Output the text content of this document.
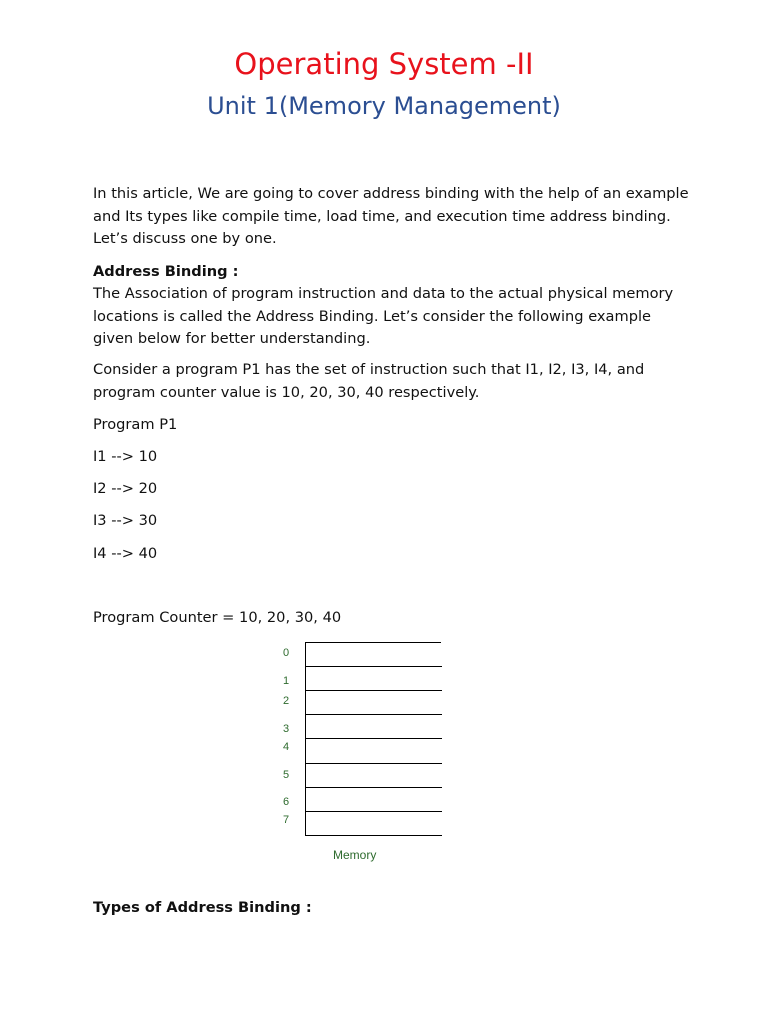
Operating System -II
Unit 1(Memory Management)

In this article, We are going to cover address binding with the help of an example and Its types like compile time, load time, and execution time address binding. Let’s discuss one by one.

Address Binding :

The Association of program instruction and data to the actual physical memory locations is called the Address Binding. Let’s consider the following example given below for better understanding.

Consider a program P1 has the set of instruction such that I1, I2, I3, I4, and program counter value is 10, 20, 30, 40 respectively.

Program P1

I1 --> 10

I2 --> 20

I3 --> 30

I4 --> 40

Program Counter = 10, 20, 30, 40

0
1
2
3
4
5
6
7
Memory

Types of Address Binding :
